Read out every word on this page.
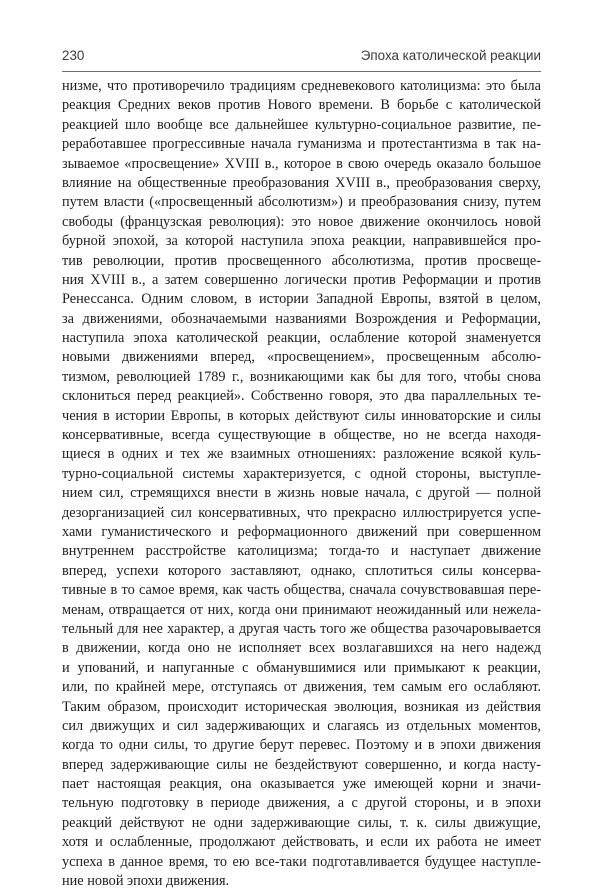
230	Эпоха католической реакции
низме, что противоречило традициям средневекового католицизма: это была
реакция Средних веков против Нового времени. В борьбе с католической
реакцией шло вообще все дальнейшее культурно-социальное развитие, пе-
реработавшее прогрессивные начала гуманизма и протестантизма в так на-
зываемое «просвещение» XVIII в., которое в свою очередь оказало большое
влияние на общественные преобразования XVIII в., преобразования сверху,
путем власти («просвещенный абсолютизм») и преобразования снизу, путем
свободы (французская революция): это новое движение окончилось новой
бурной эпохой, за которой наступила эпоха реакции, направившейся про-
тив революции, против просвещенного абсолютизма, против просвеще-
ния XVIII в., а затем совершенно логически против Реформации и против
Ренессанса. Одним словом, в истории Западной Европы, взятой в целом,
за движениями, обозначаемыми названиями Возрождения и Реформации,
наступила эпоха католической реакции, ослабление которой знаменуется
новыми движениями вперед, «просвещением», просвещенным абсолю-
тизмом, революцией 1789 г., возникающими как бы для того, чтобы снова
склониться перед реакцией». Собственно говоря, это два параллельных те-
чения в истории Европы, в которых действуют силы инноваторские и силы
консервативные, всегда существующие в обществе, но не всегда находя-
щиеся в одних и тех же взаимных отношениях: разложение всякой куль-
турно-социальной системы характеризуется, с одной стороны, выступле-
нием сил, стремящихся внести в жизнь новые начала, с другой — полной
дезорганизацией сил консервативных, что прекрасно иллюстрируется успе-
хами гуманистического и реформационного движений при совершенном
внутреннем расстройстве католицизма; тогда-то и наступает движение
вперед, успехи которого заставляют, однако, сплотиться силы консерва-
тивные в то самое время, как часть общества, сначала сочувствовавшая пере-
менам, отвращается от них, когда они принимают неожиданный или нежела-
тельный для нее характер, а другая часть того же общества разочаровывается
в движении, когда оно не исполняет всех возлагавшихся на него надежд
и упований, и напуганные с обманувшимися или примыкают к реакции,
или, по крайней мере, отступаясь от движения, тем самым его ослабляют.
Таким образом, происходит историческая эволюция, возникая из действия
сил движущих и сил задерживающих и слагаясь из отдельных моментов,
когда то одни силы, то другие берут перевес. Поэтому и в эпохи движения
вперед задерживающие силы не бездействуют совершенно, и когда насту-
пает настоящая реакция, она оказывается уже имеющей корни и значи-
тельную подготовку в периоде движения, а с другой стороны, и в эпохи
реакций действуют не одни задерживающие силы, т. к. силы движущие,
хотя и ослабленные, продолжают действовать, и если их работа не имеет
успеха в данное время, то ею все-таки подготавливается будущее наступле-
ние новой эпохи движения.
